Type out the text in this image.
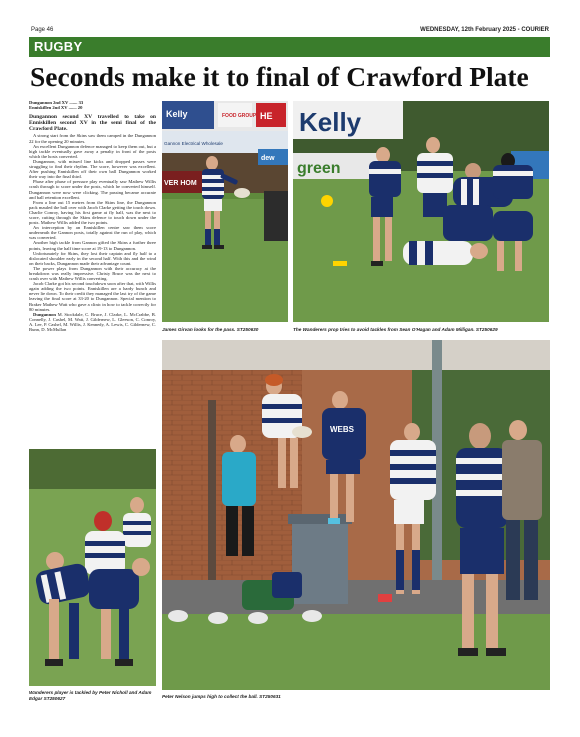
Page 46	WEDNESDAY, 12th February 2025 - COURIER
RUGBY
Seconds make it to final of Crawford Plate
Dungannon 2nd XV ....... 33
Enniskillen 2nd XV ....... 20

Dungannon second XV travelled to take on Enniskillen second XV in the semi final of the Crawford Plate.

A strong start from the Skins saw them camped in the Dungannon 22 for the opening 20 minutes.

An excellent Dungannon defence managed to keep them out, but a high tackle eventually gave away a penalty in front of the posts which the hosts converted.

Dungannon, with missed line kicks and dropped passes were struggling to find their rhythm. The score, however was excellent. After pushing Enniskillen off their own ball Dungannon worked their way into the final third.

Phase after phase of pressure play eventually saw Mathew Willis crash through to score under the posts, which he converted himself. Dungannon were now were clicking. The passing became accurate and ball retention excellent.

From a line out 15 metres from the Skins line, the Dungannon pack mauled the ball over with Jacob Clarke getting the touch down. Charlie Conroy, having his first game at fly half, was the next to score, cutting through the Skins defence to touch down under the posts. Mathew Willis added the two points.

An interception by an Enniskillen centre saw them score underneath the Gannon posts, totally against the run of play, which was converted.

Another high tackle from Gannon gifted the Skins a further three points, leaving the half time score at 19-13 to Dungannon.

Unfortunately for Skins, they lost their captain and fly half to a dislocated shoulder early in the second half. With this and the wind on their backs, Dungannon made their advantage count.

The power plays from Dungannon with their accuracy at the breakdown was really impressive. Christy Bruce was the next to crash over with Mathew Willis converting.

Jacob Clarke got his second touchdown soon after that, with Willis again adding the two points. Enniskillen are a hardy bunch and never lie down. To their credit they managed the last try of the game leaving the final score at 33-20 to Dungannon. Special mention to Braker Mathew Watt who gave a clinic in how to tackle correctly for 80 minutes.

Dungannon M. Stockdale, C. Bruce, J. Clarke, L. McCrabbe, B. Connelly, J. Cashel, M. Watt, J. Gildernew, L. Gleeson, C. Conroy, A. Lee, P. Cashel, M. Willis, J. Kennedy, A. Lewis, C. Gildernew, C. Bunn, D. McMullan

FOOD GROUP
Kelly	HE
Gannon Electrical Wholesale
VER HOM
dew
Kelly
green
James Girvan looks for the pass. ST250630	The Wanderers prop tries to avoid tackles from Sean O'Hagan and Adam Milligan. ST250629
WEBS
Wanderers player is tackled by Peter Nicholl and Adam Edgar ST250627	Peter Nelson jumps high to collect the ball. ST250631
